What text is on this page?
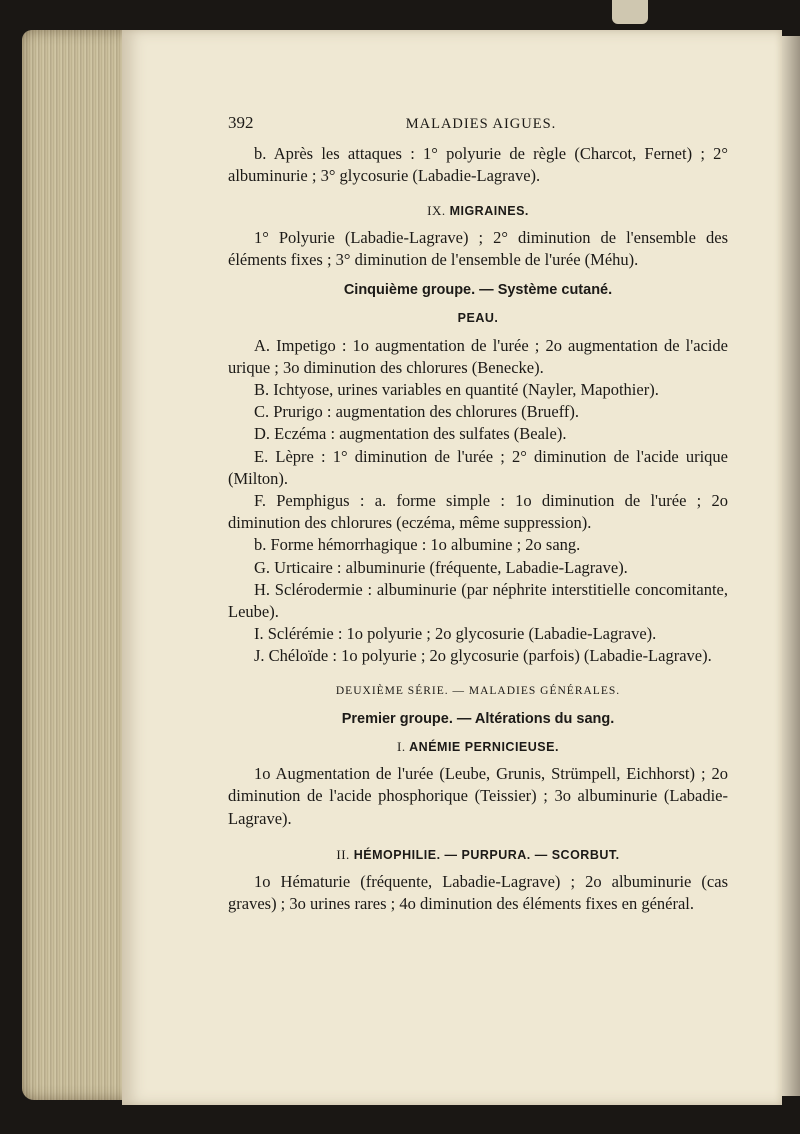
392	MALADIES AIGUES.

b. Après les attaques : 1° polyurie de règle (Charcot, Fernet) ; 2° albuminurie ; 3° glycosurie (Labadie-Lagrave).

IX. MIGRAINES.

1° Polyurie (Labadie-Lagrave) ; 2° diminution de l'ensemble des éléments fixes ; 3° diminution de l'ensemble de l'urée (Méhu).

Cinquième groupe. — Système cutané.
PEAU.

A. Impetigo : 1o augmentation de l'urée ; 2o augmentation de l'acide urique ; 3o diminution des chlorures (Benecke).

B. Ichtyose, urines variables en quantité (Nayler, Mapothier).

C. Prurigo : augmentation des chlorures (Brueff).

D. Eczéma : augmentation des sulfates (Beale).

E. Lèpre : 1° diminution de l'urée ; 2° diminution de l'acide urique (Milton).

F. Pemphigus : a. forme simple : 1o diminution de l'urée ; 2o diminution des chlorures (eczéma, même suppression).

b. Forme hémorrhagique : 1o albumine ; 2o sang.

G. Urticaire : albuminurie (fréquente, Labadie-Lagrave).

H. Sclérodermie : albuminurie (par néphrite interstitielle concomitante, Leube).

I. Sclérémie : 1o polyurie ; 2o glycosurie (Labadie-Lagrave).

J. Chéloïde : 1o polyurie ; 2o glycosurie (parfois) (Labadie-Lagrave).

DEUXIÈME SÉRIE. — MALADIES GÉNÉRALES.
Premier groupe. — Altérations du sang.
I. ANÉMIE PERNICIEUSE.

1o Augmentation de l'urée (Leube, Grunis, Strümpell, Eichhorst) ; 2o diminution de l'acide phosphorique (Teissier) ; 3o albuminurie (Labadie-Lagrave).

II. HÉMOPHILIE. — PURPURA. — SCORBUT.

1o Hématurie (fréquente, Labadie-Lagrave) ; 2o albuminurie (cas graves) ; 3o urines rares ; 4o diminution des éléments fixes en général.
